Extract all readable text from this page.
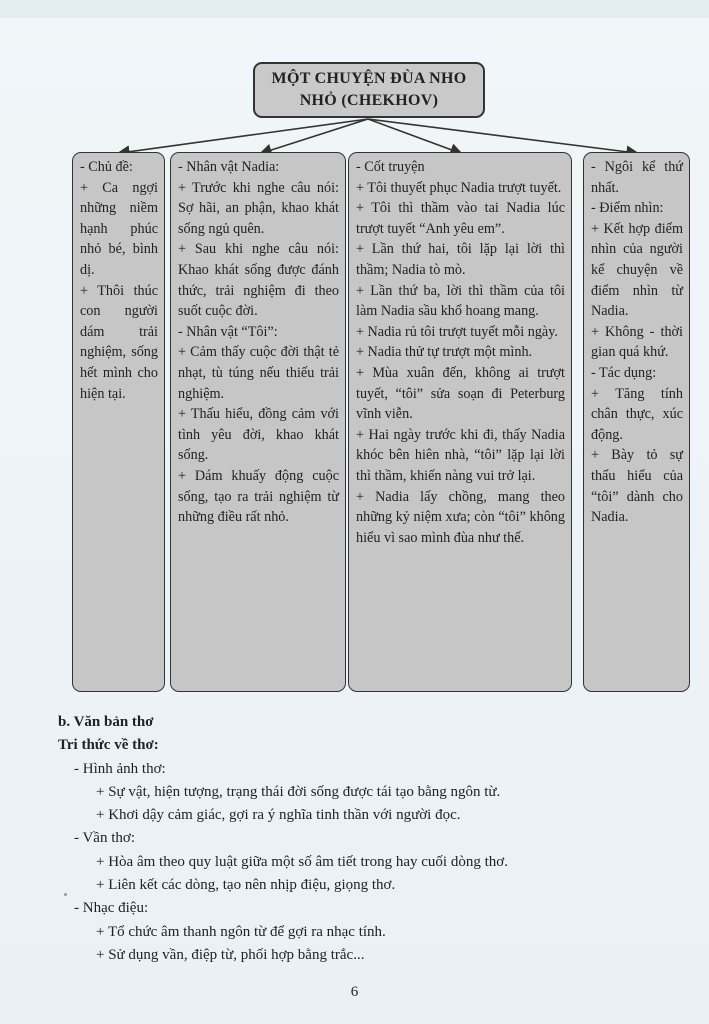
MỘT CHUYỆN ĐÙA NHO NHỎ (CHEKHOV)

- Chủ đề:

+ Ca ngợi những niềm hạnh phúc nhỏ bé, bình dị.

+ Thôi thúc con người dám trải nghiệm, sống hết mình cho hiện tại.

- Nhân vật Nadia:

+ Trước khi nghe câu nói: Sợ hãi, an phận, khao khát sống ngủ quên.

+ Sau khi nghe câu nói: Khao khát sống được đánh thức, trải nghiệm đi theo suốt cuộc đời.

- Nhân vật “Tôi”:

+ Cảm thấy cuộc đời thật tẻ nhạt, tù túng nếu thiếu trải nghiệm.

+ Thấu hiểu, đồng cảm với tình yêu đời, khao khát sống.

+ Dám khuấy động cuộc sống, tạo ra trải nghiệm từ những điều rất nhỏ.

- Cốt truyện

+ Tôi thuyết phục Nadia trượt tuyết.

+ Tôi thì thầm vào tai Nadia lúc trượt tuyết “Anh yêu em”.

+ Lần thứ hai, tôi lặp lại lời thì thầm; Nadia tò mò.

+ Lần thứ ba, lời thì thầm của tôi làm Nadia sầu khổ hoang mang.

+ Nadia rủ tôi trượt tuyết mỗi ngày.

+ Nadia thử tự trượt một mình.

+ Mùa xuân đến, không ai trượt tuyết, “tôi” sửa soạn đi Peterburg vĩnh viễn.

+ Hai ngày trước khi đi, thấy Nadia khóc bên hiên nhà, “tôi” lặp lại lời thì thầm, khiến nàng vui trở lại.

+ Nadia lấy chồng, mang theo những kỷ niệm xưa; còn “tôi” không hiểu vì sao mình đùa như thế.

- Ngôi kể thứ nhất.

- Điểm nhìn:

+ Kết hợp điểm nhìn của người kể chuyện về điểm nhìn từ Nadia.

+ Không - thời gian quá khứ.

- Tác dụng:

+ Tăng tính chân thực, xúc động.

+ Bày tỏ sự thấu hiểu của “tôi” dành cho Nadia.

b. Văn bản thơ

Tri thức về thơ:

- Hình ảnh thơ:

+ Sự vật, hiện tượng, trạng thái đời sống được tái tạo bằng ngôn từ.

+ Khơi dậy cảm giác, gợi ra ý nghĩa tinh thần với người đọc.

- Vần thơ:

+ Hòa âm theo quy luật giữa một số âm tiết trong hay cuối dòng thơ.

+ Liên kết các dòng, tạo nên nhịp điệu, giọng thơ.

- Nhạc điệu:

+ Tổ chức âm thanh ngôn từ để gợi ra nhạc tính.

+ Sử dụng vần, điệp từ, phối hợp bằng trắc...

6
